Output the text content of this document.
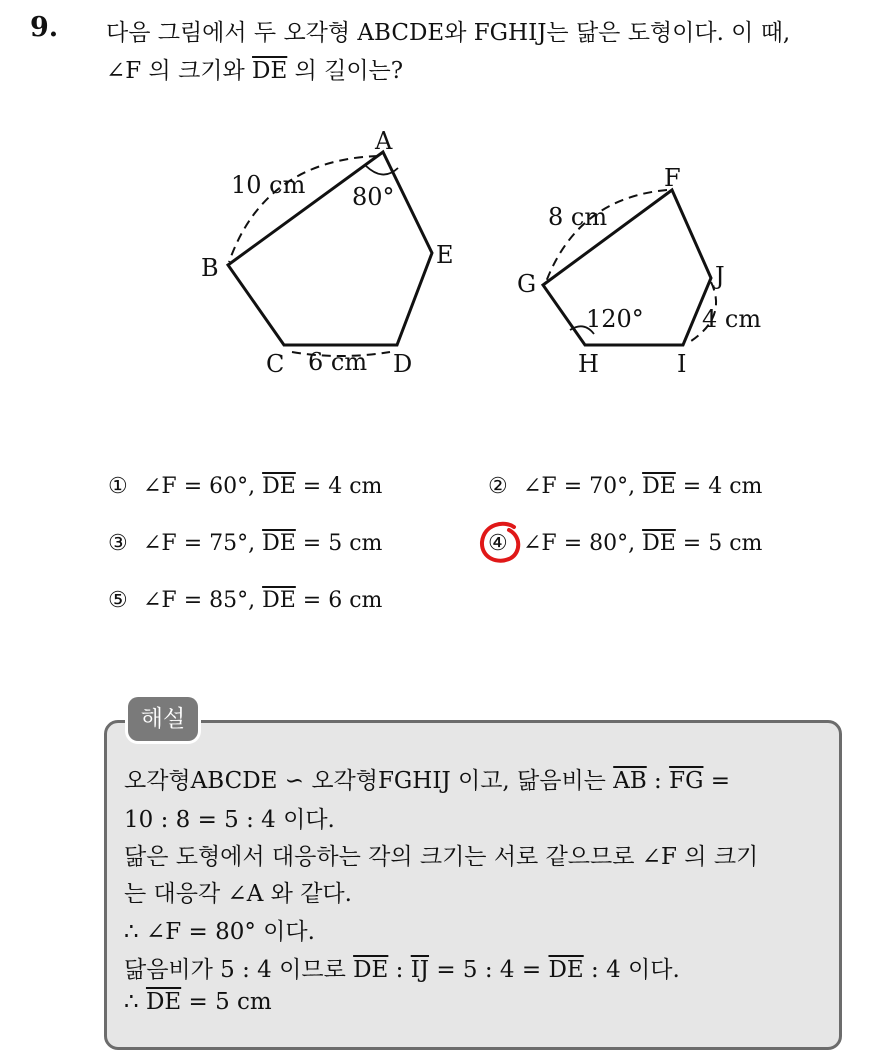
9. 다음 그림에서 두 오각형 ABCDE와 FGHIJ는 닮은 도형이다. 이 때,
∠F 의 크기와 $\overline{DE}$ 의 길이는?
A
B
C	D
E
F
G
H	I
J
10 cm 80°
6 cm
8 cm
120° 4 cm
① ∠F = 60°, $\overline{DE} = 4$ cm	② ∠F = 70°, $\overline{DE} = 4$ cm
③ ∠F = 75°, $\overline{DE} = 5$ cm	④ ∠F = 80°, $\overline{DE} = 5$ cm
⑤ ∠F = 85°, $\overline{DE} = 6$ cm
해설
오각형ABCDE ∽ 오각형FGHIJ 이고, 닮음비는 $\overline{AB}$ : $\overline{FG}$ =
10 : 8 = 5 : 4 이다.
닮은 도형에서 대응하는 각의 크기는 서로 같으므로 ∠F 의 크기
는 대응각 ∠A 와 같다.
∴ ∠F = 80° 이다.
닮음비가 5 : 4 이므로 $\overline{DE}$ : $\overline{IJ} = 5$ : $4 = \overline{DE}$ : 4 이다.
∴ $\overline{DE} = 5$ cm
